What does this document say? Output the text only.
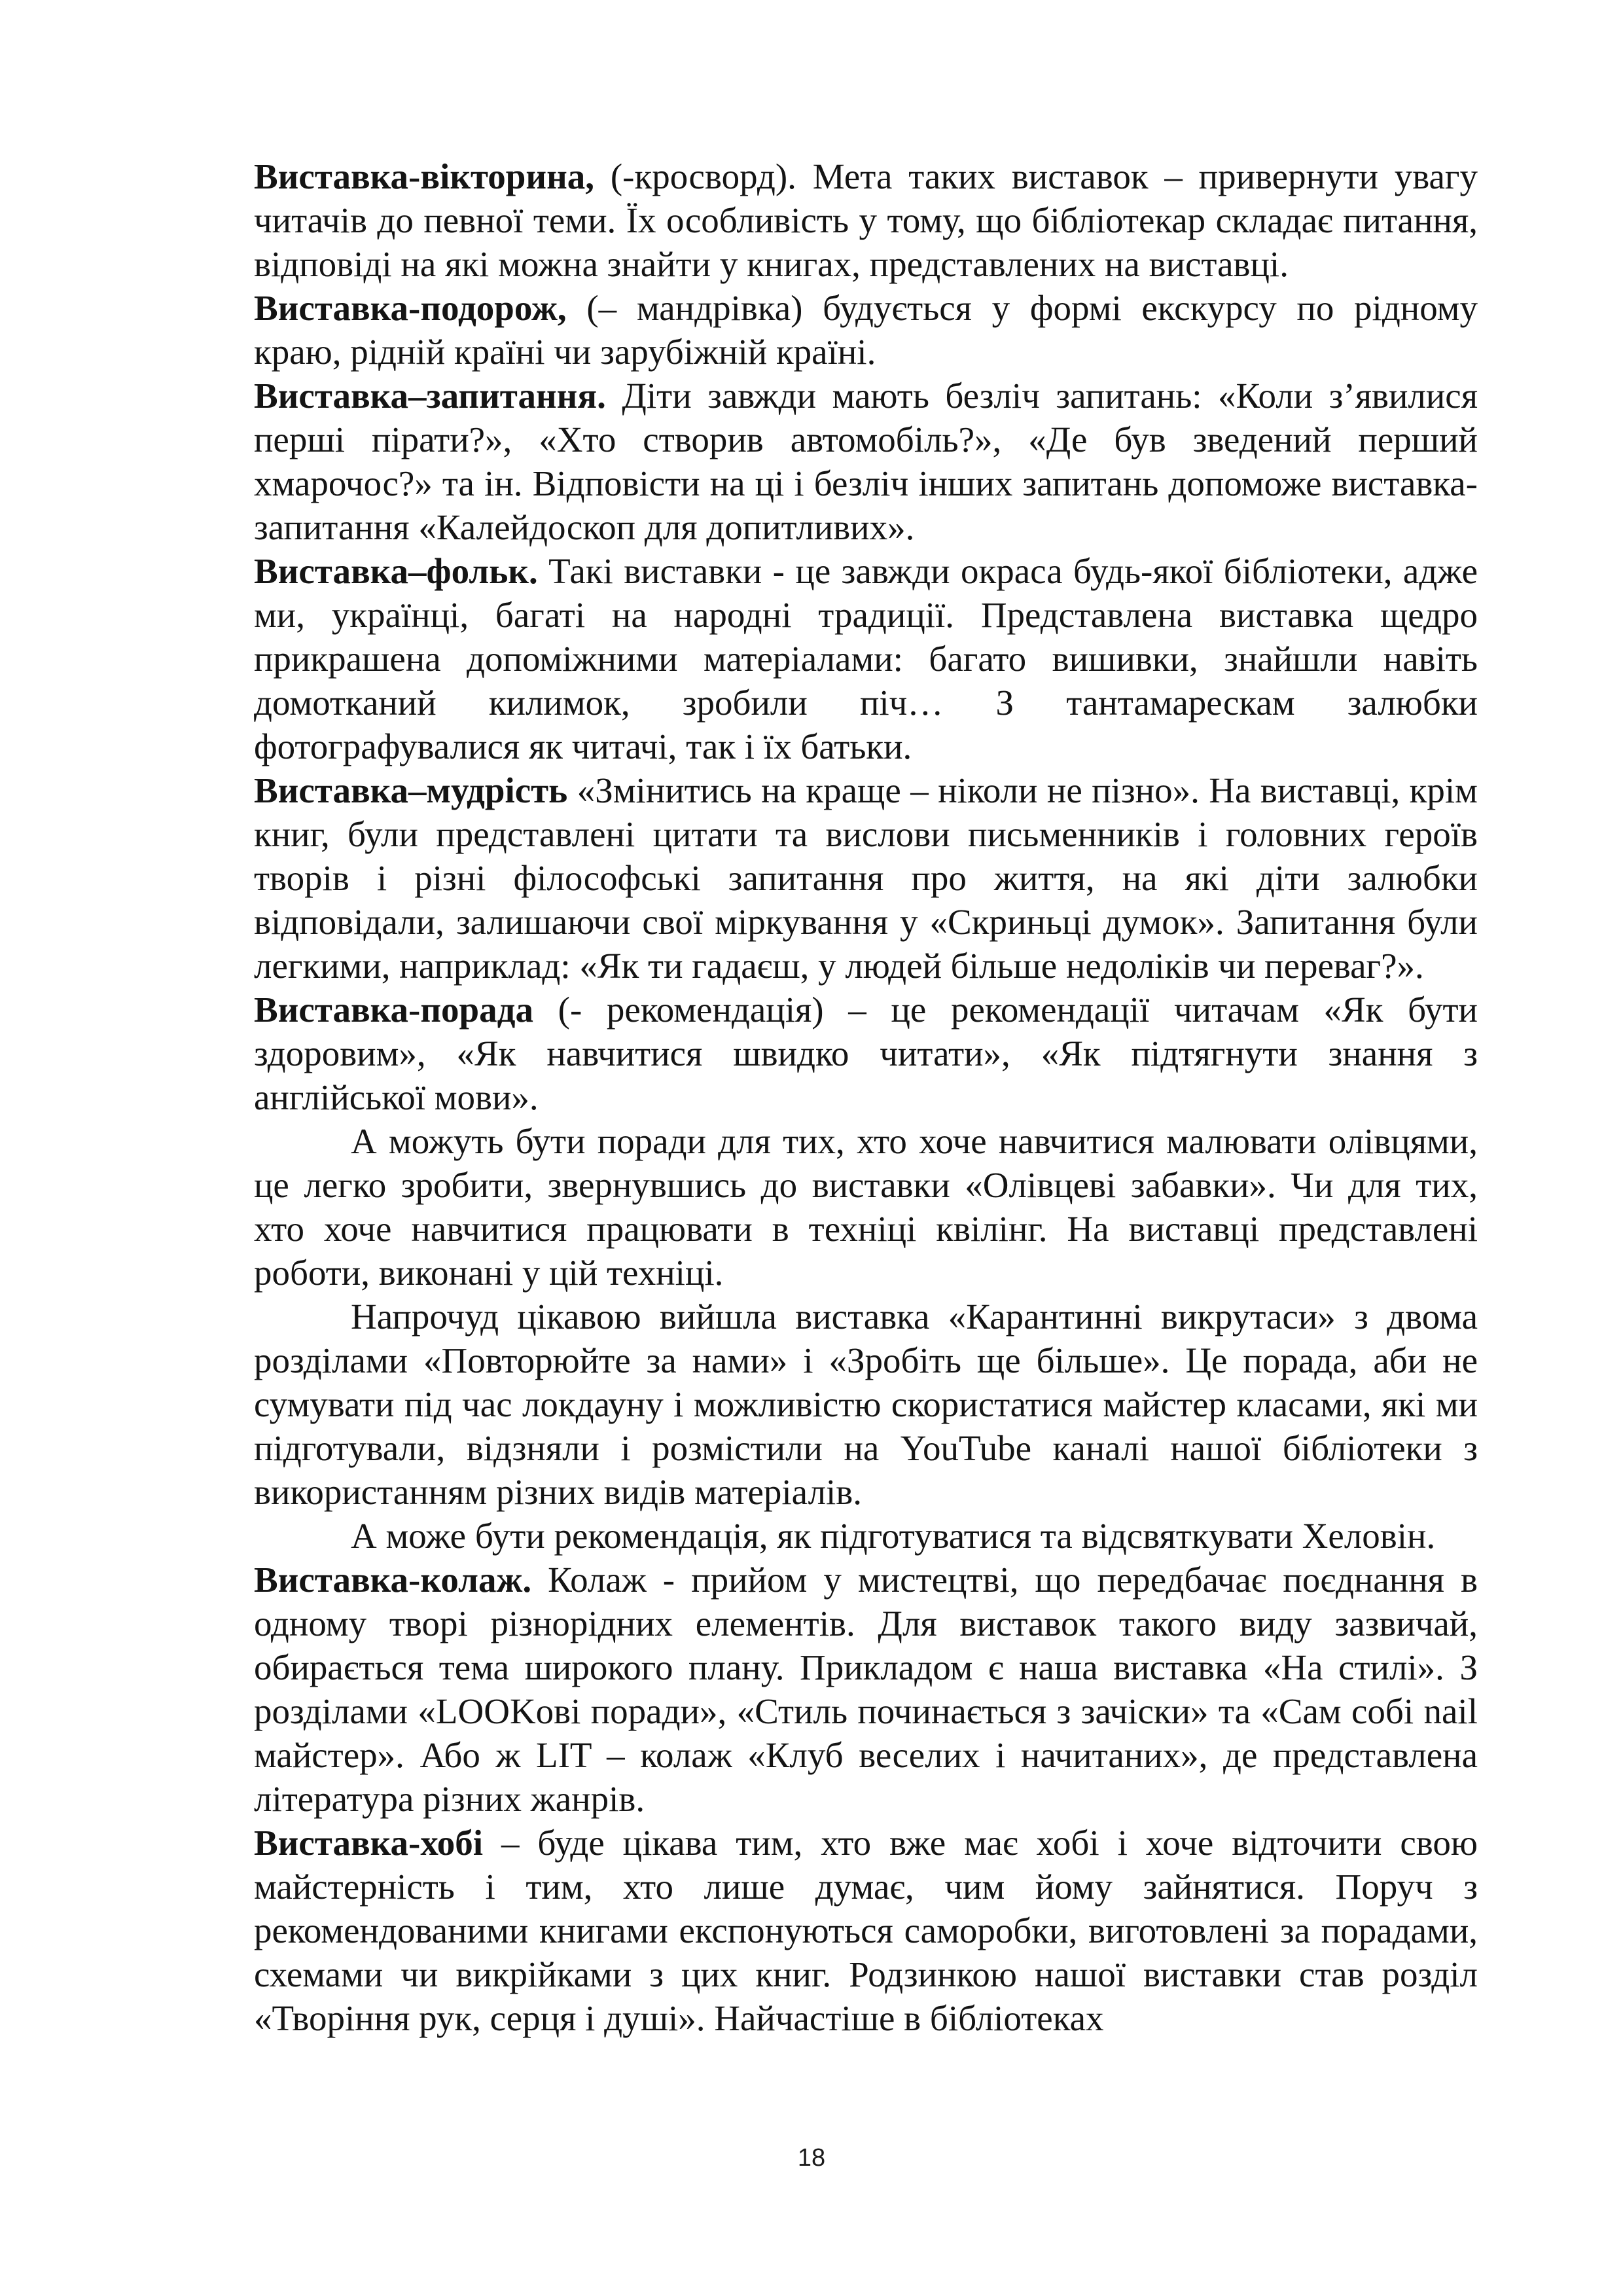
Виставка-вікторина, (-кросворд). Мета таких виставок – привернути увагу читачів до певної теми. Їх особливість у тому, що бібліотекар складає питання, відповіді на які можна знайти у книгах, представлених на виставці.

Виставка-подорож, (– мандрівка) будується у формі екскурсу по рідному краю, рідній країні чи зарубіжній країні.

Виставка–запитання. Діти завжди мають безліч запитань: «Коли з’явилися перші пірати?», «Хто створив автомобіль?», «Де був зведений перший хмарочос?» та ін. Відповісти на ці і безліч інших запитань допоможе виставка-запитання «Калейдоскоп для допитливих».

Виставка–фольк. Такі виставки - це завжди окраса будь-якої бібліотеки, адже ми, українці, багаті на народні традиції. Представлена виставка щедро прикрашена допоміжними матеріалами: багато вишивки, знайшли навіть домотканий килимок, зробили піч… З тантамарескам залюбки фотографувалися як читачі, так і їх батьки.

Виставка–мудрість «Змінитись на краще – ніколи не пізно». На виставці, крім книг, були представлені цитати та вислови письменників і головних героїв творів і різні філософські запитання про життя, на які діти залюбки відповідали, залишаючи свої міркування у «Скриньці думок». Запитання були легкими, наприклад: «Як ти гадаєш, у людей більше недоліків чи переваг?».

Виставка-порада (- рекомендація) – це рекомендації читачам «Як бути здоровим», «Як навчитися швидко читати», «Як підтягнути знання з англійської мови».

А можуть бути поради для тих, хто хоче навчитися малювати олівцями, це легко зробити, звернувшись до виставки «Олівцеві забавки». Чи для тих, хто хоче навчитися працювати в техніці квілінг. На виставці представлені роботи, виконані у цій техніці.

Напрочуд цікавою вийшла виставка «Карантинні викрутаси» з двома розділами «Повторюйте за нами» і «Зробіть ще більше». Це порада, аби не сумувати під час локдауну і можливістю скористатися майстер класами, які ми підготували, відзняли і розмістили на YouTube каналі нашої бібліотеки з використанням різних видів матеріалів.

А може бути рекомендація, як підготуватися та відсвяткувати Хеловін.

Виставка-колаж. Колаж - прийом у мистецтві, що передбачає поєднання в одному творі різнорідних елементів. Для виставок такого виду зазвичай, обирається тема широкого плану. Прикладом є наша виставка «На стилі». З розділами «LOOKові поради», «Стиль починається з зачіски» та «Сам собі nail майстер». Або ж LIT – колаж «Клуб веселих і начитаних», де представлена література різних жанрів.

Виставка-хобі – буде цікава тим, хто вже має хобі і хоче відточити свою майстерність і тим, хто лише думає, чим йому зайнятися. Поруч з рекомендованими книгами експонуються саморобки, виготовлені за порадами, схемами чи викрійками з цих книг. Родзинкою нашої виставки став розділ «Творіння рук, серця і душі». Найчастіше в бібліотеках

18
